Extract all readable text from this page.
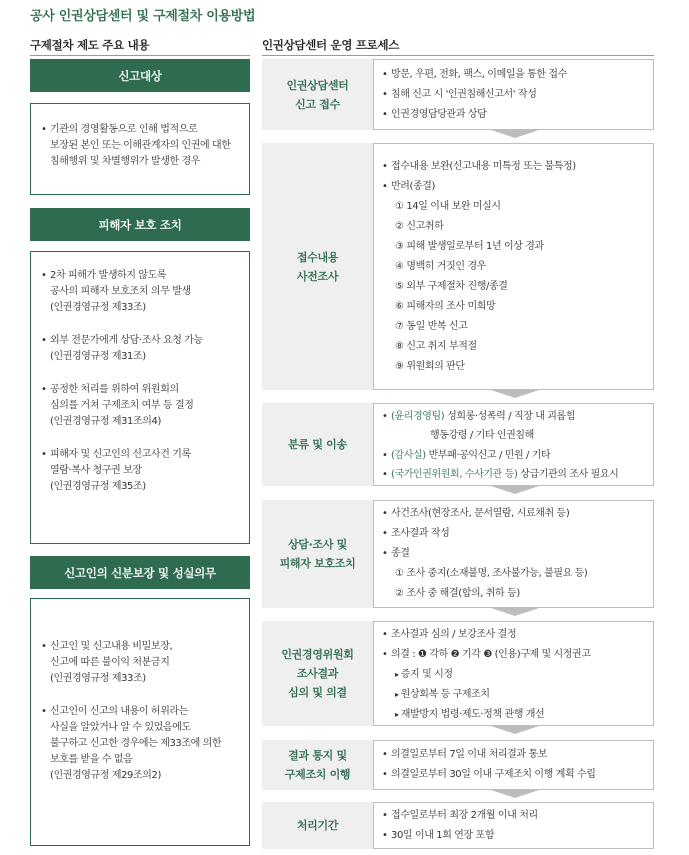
공사 인권상담센터 및 구제절차 이용방법
구제절차 제도 주요 내용	인권상담센터 운영 프로세스
신고대상
• 기관의 경영활동으로 인해 법적으로
보장된 본인 또는 이해관계자의 인권에 대한
침해행위 및 차별행위가 발생한 경우
피해자 보호 조치
• 2차 피해가 발생하지 않도록
공사의 피해자 보호조치 의무 발생
(인권경영규정 제33조)
• 외부 전문가에게 상담·조사 요청 가능
(인권경영규정 제31조)
• 공정한 처리를 위하여 위원회의
심의를 거쳐 구제조치 여부 등 결정
(인권경영규정 제31조의4)
• 피해자 및 신고인의 신고사건 기록
열람·복사 청구권 보장
(인권경영규정 제35조)
신고인의 신분보장 및 성실의무
• 신고인 및 신고내용 비밀보장,
신고에 따른 불이익 처분금지
(인권경영규정 제33조)
• 신고인이 신고의 내용이 허위라는
사실을 알았거나 알 수 있었음에도
불구하고 신고한 경우에는 제33조에 의한
보호를 받을 수 없음
(인권경영규정 제29조의2)
인권상담센터
신고 접수
• 방문, 우편, 전화, 팩스, 이메일을 통한 접수
• 침해 신고 시 '인권침해신고서' 작성
• 인권경영담당관과 상담
접수내용
사전조사
• 접수내용 보완(신고내용 미특정 또는 불특정)
• 반려(종결)
① 14일 이내 보완 미실시
② 신고취하
③ 피해 발생일로부터 1년 이상 경과
④ 명백히 거짓인 경우
⑤ 외부 구제절차 진행/종결
⑥ 피해자의 조사 미희망
⑦ 동일 반복 신고
⑧ 신고 취지 부적절
⑨ 위원회의 판단
분류 및 이송
• (윤리경영팀) 성희롱·성폭력 / 직장 내 괴롭힘
행동강령 / 기타 인권침해
• (감사실) 반부패·공익신고 / 민원 / 기타
• (국가인권위원회, 수사기관 등) 상급기관의 조사 필요시
상담·조사 및
피해자 보호조치
• 사건조사(현장조사, 문서열람, 시료채취 등)
• 조사결과 작성
• 종결
① 조사 중지(소재불명, 조사불가능, 불필요 등)
② 조사 중 해결(합의, 취하 등)
인권경영위원회
조사결과
심의 및 의결
• 조사결과 심의 / 보강조사 결정
• 의결 : ❶ 각하 ❷ 기각 ❸ (인용)구제 및 시정권고
▸ 증지 및 시정
▸ 원상회복 등 구제조치
▸ 재발방지 법령·제도·정책 관행 개선
결과 통지 및
구제조치 이행
• 의결일로부터 7일 이내 처리결과 통보
• 의결일로부터 30일 이내 구제조치 이행 계획 수립
처리기간
• 접수일로부터 최장 2개월 이내 처리
• 30일 이내 1회 연장 포함
